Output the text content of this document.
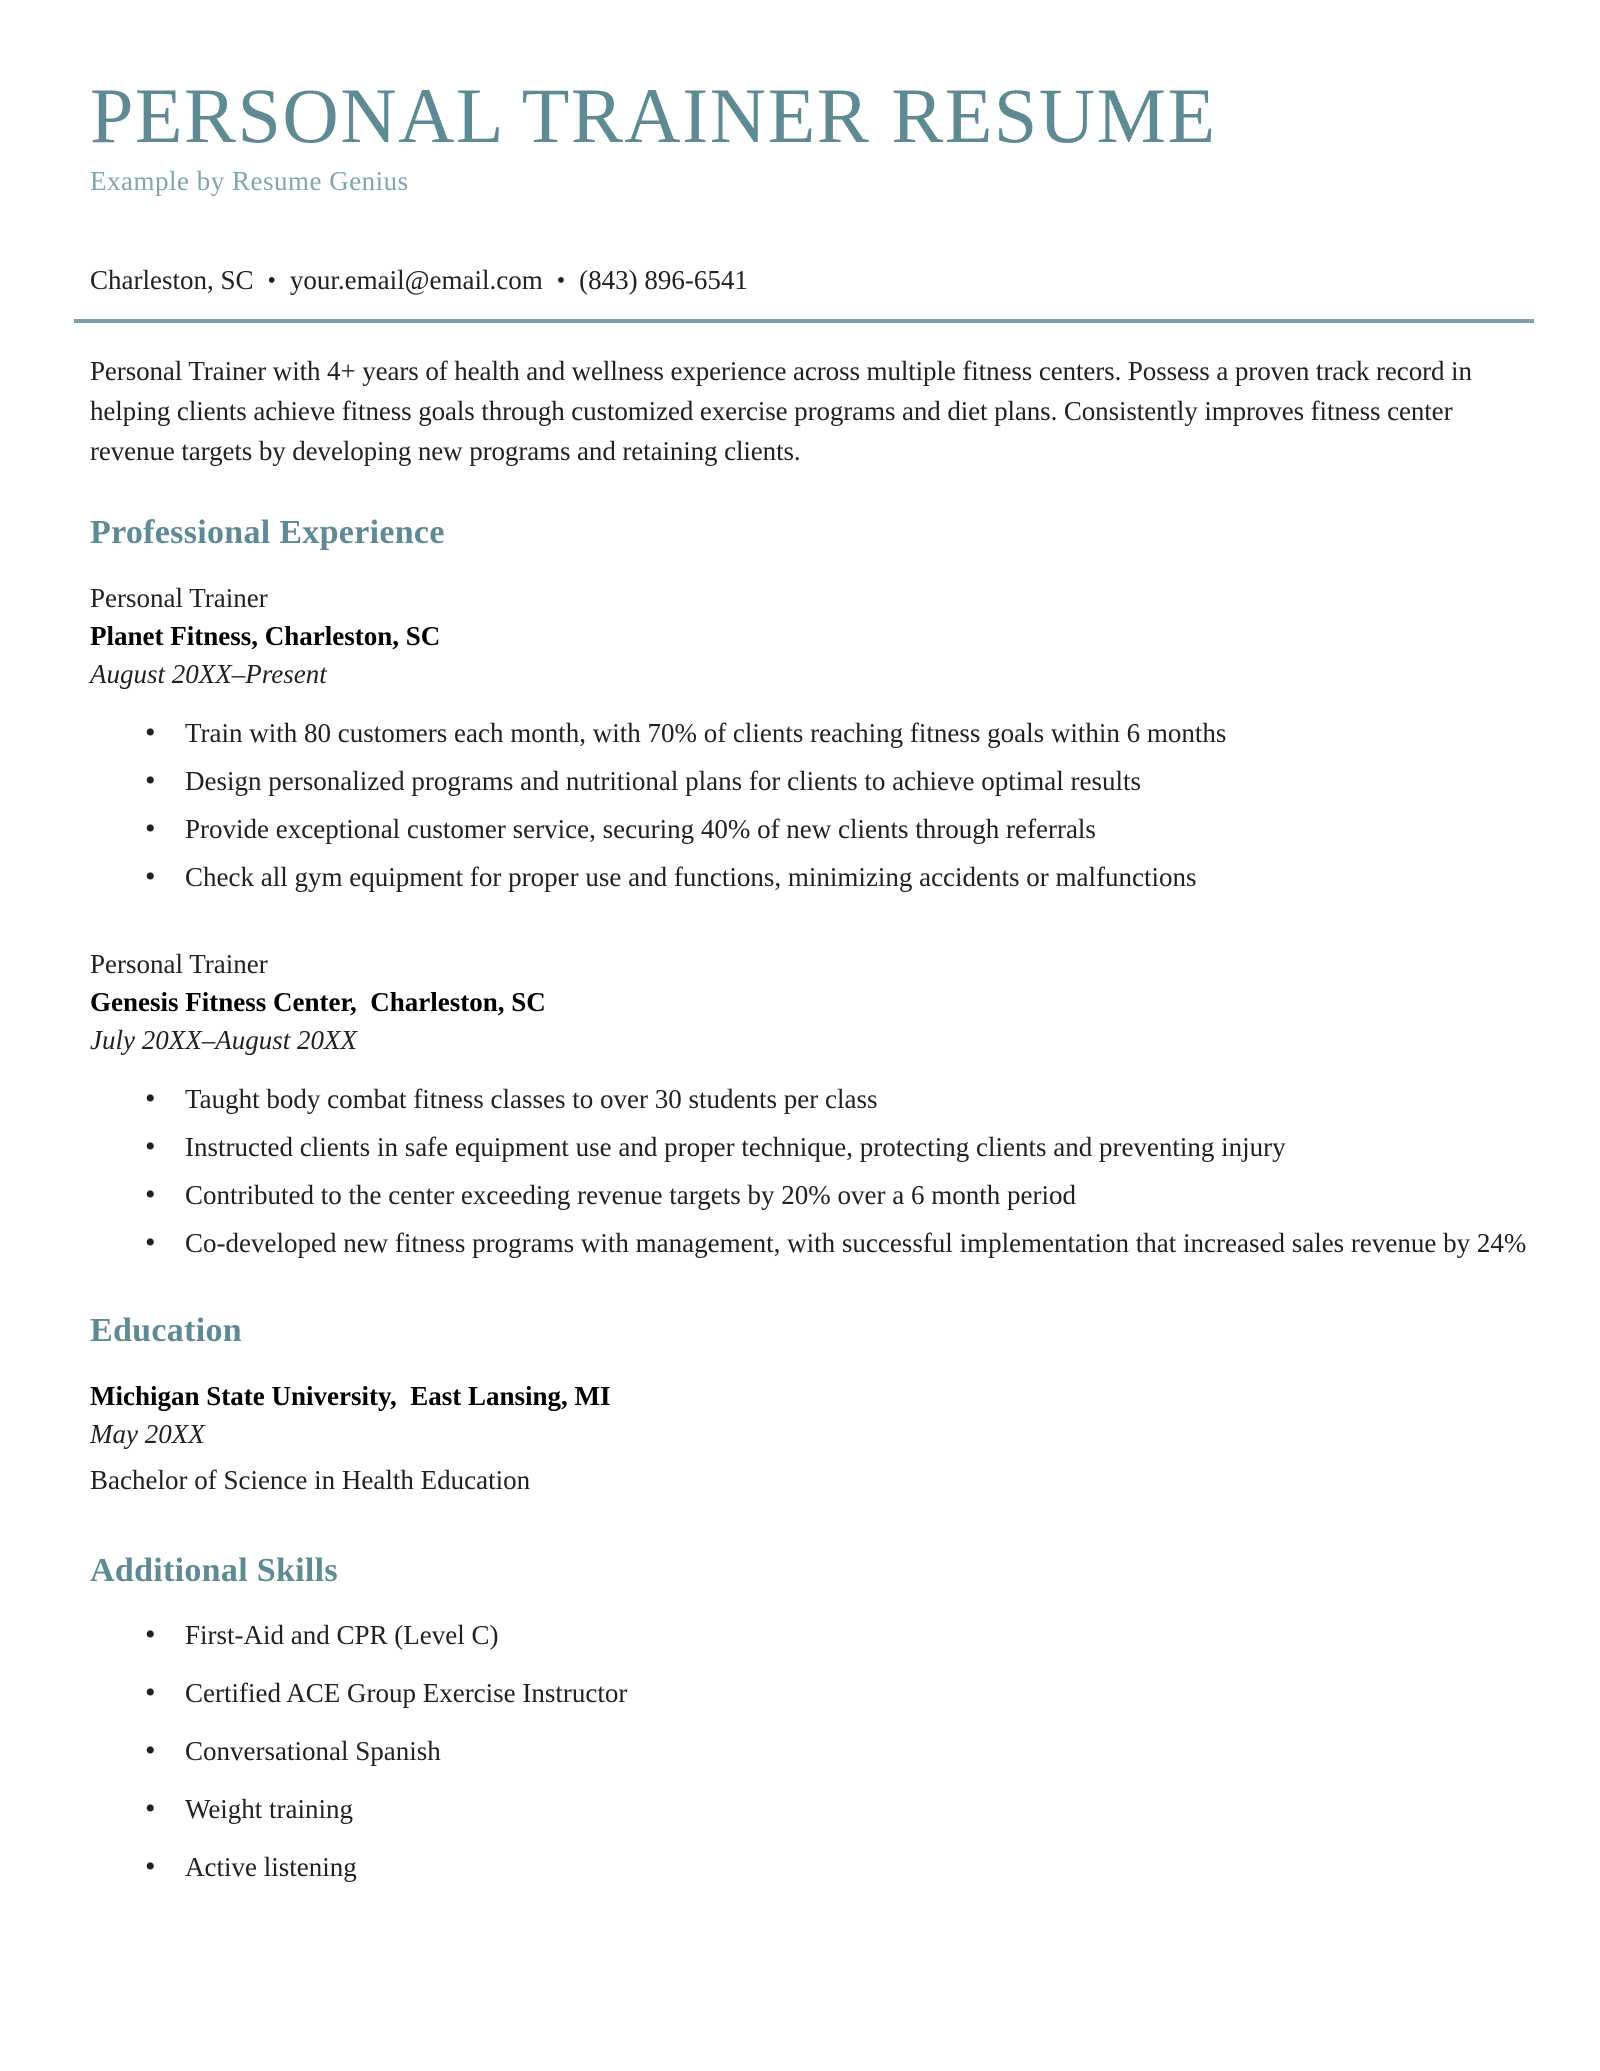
PERSONAL TRAINER RESUME
Example by Resume Genius
Charleston, SC • your.email@email.com • (843) 896-6541

Personal Trainer with 4+ years of health and wellness experience across multiple fitness centers. Possess a proven track record in helping clients achieve fitness goals through customized exercise programs and diet plans. Consistently improves fitness center revenue targets by developing new programs and retaining clients.

Professional Experience
Personal Trainer
Planet Fitness, Charleston, SC
August 20XX–Present
• Train with 80 customers each month, with 70% of clients reaching fitness goals within 6 months
• Design personalized programs and nutritional plans for clients to achieve optimal results
• Provide exceptional customer service, securing 40% of new clients through referrals
• Check all gym equipment for proper use and functions, minimizing accidents or malfunctions
Personal Trainer
Genesis Fitness Center,  Charleston, SC
July 20XX–August 20XX
• Taught body combat fitness classes to over 30 students per class
• Instructed clients in safe equipment use and proper technique, protecting clients and preventing injury
• Contributed to the center exceeding revenue targets by 20% over a 6 month period
• Co-developed new fitness programs with management, with successful implementation that increased sales revenue by 24%
Education
Michigan State University,  East Lansing, MI
May 20XX
Bachelor of Science in Health Education
Additional Skills
• First-Aid and CPR (Level C)
• Certified ACE Group Exercise Instructor
• Conversational Spanish
• Weight training
• Active listening
